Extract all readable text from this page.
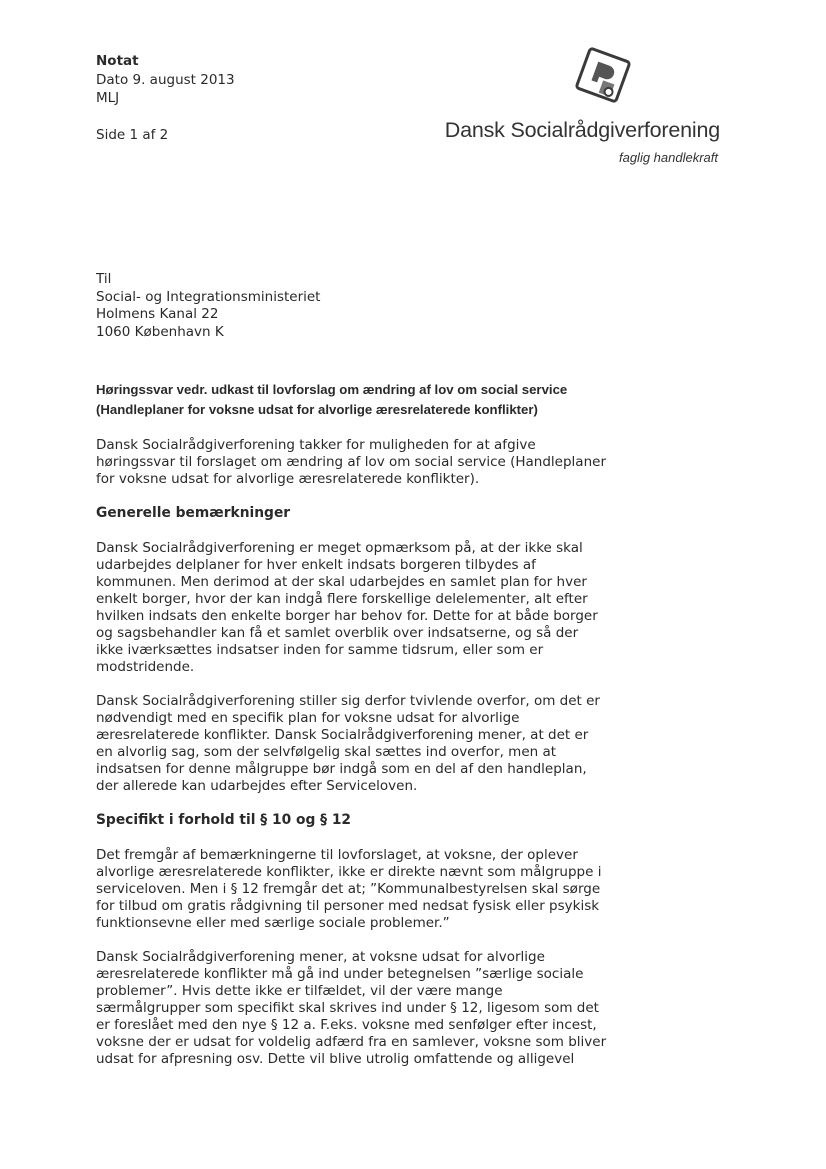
Notat
Dato 9. august 2013
MLJ
Side 1 af 2	Dansk Socialrådgiverforening
faglig handlekraft
Til
Social- og Integrationsministeriet
Holmens Kanal 22
1060 København K
Høringssvar vedr. udkast til lovforslag om ændring af lov om social service
(Handleplaner for voksne udsat for alvorlige æresrelaterede konflikter)

Dansk Socialrådgiverforening takker for muligheden for at afgive
høringssvar til forslaget om ændring af lov om social service (Handleplaner
for voksne udsat for alvorlige æresrelaterede konflikter).

Generelle bemærkninger

Dansk Socialrådgiverforening er meget opmærksom på, at der ikke skal
udarbejdes delplaner for hver enkelt indsats borgeren tilbydes af
kommunen. Men derimod at der skal udarbejdes en samlet plan for hver
enkelt borger, hvor der kan indgå flere forskellige delelementer, alt efter
hvilken indsats den enkelte borger har behov for. Dette for at både borger
og sagsbehandler kan få et samlet overblik over indsatserne, og så der
ikke iværksættes indsatser inden for samme tidsrum, eller som er
modstridende.

Dansk Socialrådgiverforening stiller sig derfor tvivlende overfor, om det er
nødvendigt med en specifik plan for voksne udsat for alvorlige
æresrelaterede konflikter. Dansk Socialrådgiverforening mener, at det er
en alvorlig sag, som der selvfølgelig skal sættes ind overfor, men at
indsatsen for denne målgruppe bør indgå som en del af den handleplan,
der allerede kan udarbejdes efter Serviceloven.

Specifikt i forhold til § 10 og § 12

Det fremgår af bemærkningerne til lovforslaget, at voksne, der oplever
alvorlige æresrelaterede konflikter, ikke er direkte nævnt som målgruppe i
serviceloven. Men i § 12 fremgår det at; ”Kommunalbestyrelsen skal sørge
for tilbud om gratis rådgivning til personer med nedsat fysisk eller psykisk
funktionsevne eller med særlige sociale problemer.”

Dansk Socialrådgiverforening mener, at voksne udsat for alvorlige
æresrelaterede konflikter må gå ind under betegnelsen ”særlige sociale
problemer”. Hvis dette ikke er tilfældet, vil der være mange
særmålgrupper som specifikt skal skrives ind under § 12, ligesom som det
er foreslået med den nye § 12 a. F.eks. voksne med senfølger efter incest,
voksne der er udsat for voldelig adfærd fra en samlever, voksne som bliver
udsat for afpresning osv. Dette vil blive utrolig omfattende og alligevel
